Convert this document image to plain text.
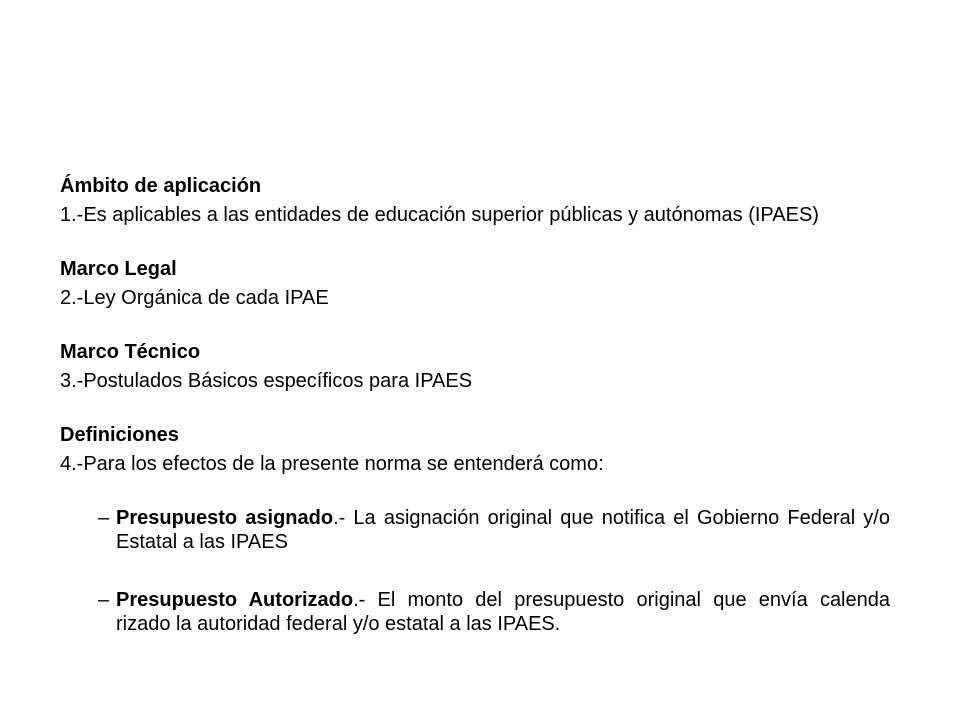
Ámbito de aplicación
1.-Es aplicables a las entidades de educación superior públicas y autónomas (IPAES)
Marco Legal
2.-Ley Orgánica de cada IPAE
Marco Técnico
3.-Postulados Básicos específicos para IPAES
Definiciones
4.-Para los efectos de la presente norma se entenderá como:
– Presupuesto asignado.- La asignación original que notifica el Gobierno Federal y/o Estatal a las IPAES
– Presupuesto Autorizado.- El monto del presupuesto original que envía calenda rizado la autoridad federal y/o estatal a las IPAES.
